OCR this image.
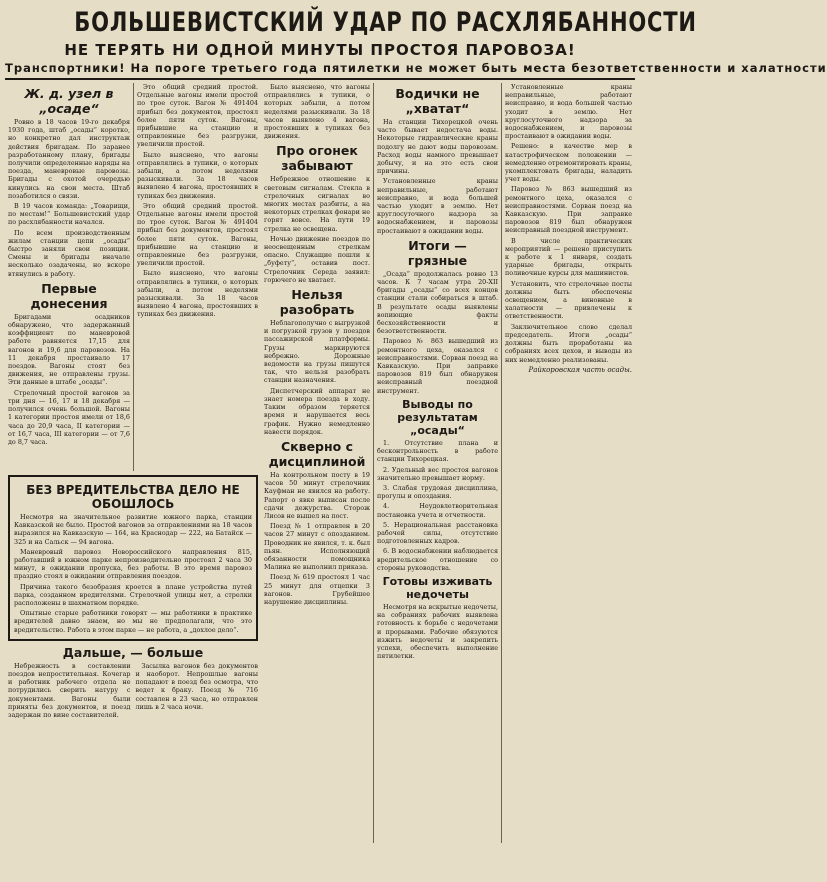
БОЛЬШЕВИСТСКИЙ УДАР ПО РАСХЛЯБАННОСТИ
НЕ ТЕРЯТЬ НИ ОДНОЙ МИНУТЫ ПРОСТОЯ ПАРОВОЗА!
Транспортники! На пороге третьего года пятилетки не может быть места безответственности и халатности
Ж. д. узел в „осаде“

Ровно в 18 часов 19-го декабря 1930 года, штаб „осады“ коротко, но конкретно дал инструктаж действия бригадам. По заранее разработанному плану, бригады получили определенные наряды на поезда, маневровые паровозы. Бригады с охотой очередью кинулись на свои места. Штаб позаботился о связи.

В 19 часов команда: „Товарищи, по местам!“ Большевистский удар по расхлябанности начался.

По всем производственным жилам станции цепи „осады“ быстро заняли свои позиции. Смены и бригады вначале несколько озадачены, но вскоре втянулись в работу.

Первые донесения

Бригадами осадников обнаружено, что задержанный коэффициент по маневровой работе равняется 17,15 для вагонов и 19,6 для паровозов. На 11 декабря простаивало 17 поездов. Вагоны стоят без движения, не отправлены грузы. Эти данные в штабе „осады“.

Стрелочный простой вагонов за три дня — 16, 17 и 18 декабря — получился очень большой. Вагоны 1 категории простоя имели от 18,6 часа до 20,9 часа, II категории — от 16,7 часа, III категории — от 7,6 до 8,7 часа.

Это общий средний простой. Отдельные вагоны имели простой по трое суток. Вагон № 491404 прибыл без документов, простоял более пяти суток. Вагоны, прибывшие на станцию и отправленные без разгрузки, увеличили простой.

Было выяснено, что вагоны отправлялись в тупики, о которых забыли, а потом неделями разыскивали. За 18 часов выявлено 4 вагона, простоявших в тупиках без движения.

Это общий средний простой. Отдельные вагоны имели простой по трое суток. Вагон № 491404 прибыл без документов, простоял более пяти суток. Вагоны, прибывшие на станцию и отправленные без разгрузки, увеличили простой.

Было выяснено, что вагоны отправлялись в тупики, о которых забыли, а потом неделями разыскивали. За 18 часов выявлено 4 вагона, простоявших в тупиках без движения.

БЕЗ ВРЕДИТЕЛЬСТВА ДЕЛО НЕ ОБОШЛОСЬ

Несмотря на значительное развитие южного парка, станции Кавказской не было. Простой вагонов за отправлениями на 18 часов выразился на Кавказскую — 164, на Краснодар — 222, на Батайск — 325 и на Сальск — 94 вагона.

Маневровый паровоз Новороссийского направления 815, работавший в южном парке непроизводительно простоял 2 часа 30 минут, в ожидании пропуска, без работы. В это время паровоз праздно стоял в ожидании отправления поездов.

Причина такого безобразия кроется в плане устройства путей парка, созданном вредителями. Стрелочной улицы нет, а стрелки расположены в шахматном порядке.

Опытные старые работники говорят — мы работники в практике вредителей давно знаем, но мы не предполагали, что это вредительство. Работа в этом парке — не работа, а „дохлое дело“.

Дальше, — больше

Небрежность в составлении поездов непростительная. Кочегар и работник рабочего отдела не потрудились сверить натуру с документами. Вагоны были приняты без документов, и поезд задержан по вине составителей.

Засылка вагонов без документов и наоборот. Непрошлые вагоны попадают в поезд без осмотра, что ведет к браку. Поезд № 716 составлен в 23 часа, но отправлен лишь в 2 часа ночи.

Было выяснено, что вагоны отправлялись в тупики, о которых забыли, а потом неделями разыскивали. За 18 часов выявлено 4 вагона, простоявших в тупиках без движения.

Про огонек забывают

Небрежное отношение к световым сигналам. Стекла в стрелочных сигналах во многих местах разбиты, а на некоторых стрелках фонари не горят вовсе. На пути 19 стрелка не освещена.

Ночью движение поездов по неосвещенным стрелкам опасно. Служащие пошли к „буфету“, оставив пост. Стрелочник Середа заявил: горючего не хватает.

Нельзя разобрать

Неблагополучно с выгрузкой и погрузкой грузов у поездов пассажирской платформы. Грузы маркируются небрежно. Дорожные ведомости на грузы пишутся так, что нельзя разобрать станции назначения.

Диспетчерский аппарат не знает номера поезда в ходу. Таким образом теряется время и нарушается весь график. Нужно немедленно навести порядок.

Скверно с дисциплиной

На контрольном посту в 19 часов 50 минут стрелочник Кауфман не явился на работу. Рапорт о явке выписан после сдачи дежурства. Сторож Лисов не вышел на пост.

Поезд № 1 отправлен в 20 часов 27 минут с опозданием. Проводник не явился, т. к. был пьян. Исполняющий обязанности помощника Малина не выполнил приказа.

Поезд № 619 простоял 1 час 25 минут для отцепки 3 вагонов. Грубейшее нарушение дисциплины.

Водички не „хватат“

На станции Тихорецкой очень часто бывает недостача воды. Некоторые гидравлические краны подолгу не дают воды паровозам. Расход воды намного превышает добычу, и на это есть свои причины.

Установленные краны неправильные, работают неисправно, и вода большей частью уходит в землю. Нет круглосуточного надзора за водоснабжением, и паровозы простаивают в ожидании воды.

Итоги — грязные

„Осада“ продолжалась ровно 13 часов. К 7 часам утра 20-XII бригады „осады“ со всех концов станции стали собираться в штаб. В результате осады выявлены вопиющие факты бесхозяйственности и безответственности.

Паровоз № 863 вышедший из ремонтного цеха, оказался с неисправностями. Сорван поезд на Кавказскую. При заправке паровозов 819 был обнаружен неисправный поездной инструмент.

Выводы по результатам „осады“

1. Отсутствие плана и бесконтрольность в работе станции Тихорецкая.

2. Удельный вес простоя вагонов значительно превышает норму.

3. Слабая трудовая дисциплина, прогулы и опоздания.

4. Неудовлетворительная постановка учета и отчетности.

5. Нерациональная расстановка рабочей силы, отсутствие подготовленных кадров.

6. В водоснабжении наблюдается вредительское отношение со стороны руководства.

Готовы изживать недочеты

Несмотря на вскрытые недочеты, на собраниях рабочих выявлена готовность к борьбе с недочетами и прорывами. Рабочие обязуются изжить недочеты и закрепить успехи, обеспечить выполнение пятилетки.

Установленные краны неправильные, работают неисправно, и вода большей частью уходит в землю. Нет круглосуточного надзора за водоснабжением, и паровозы простаивают в ожидании воды.

Решено: в качестве мер в катастрофическом положении — немедленно отремонтировать краны, укомплектовать бригады, наладить учет воды.

Паровоз № 863 вышедший из ремонтного цеха, оказался с неисправностями. Сорван поезд на Кавказскую. При заправке паровозов 819 был обнаружен неисправный поездной инструмент.

В числе практических мероприятий — решено приступить к работе к 1 января, создать ударные бригады, открыть поливочные курсы для машинистов.

Установить, что стрелочные посты должны быть обеспечены освещением, а виновные в халатности — привлечены к ответственности.

Заключительное слово сделал председатель. Итоги „осады“ должны быть проработаны на собраниях всех цехов, и выводы из них немедленно реализованы.

Райкоровская часть осады.
